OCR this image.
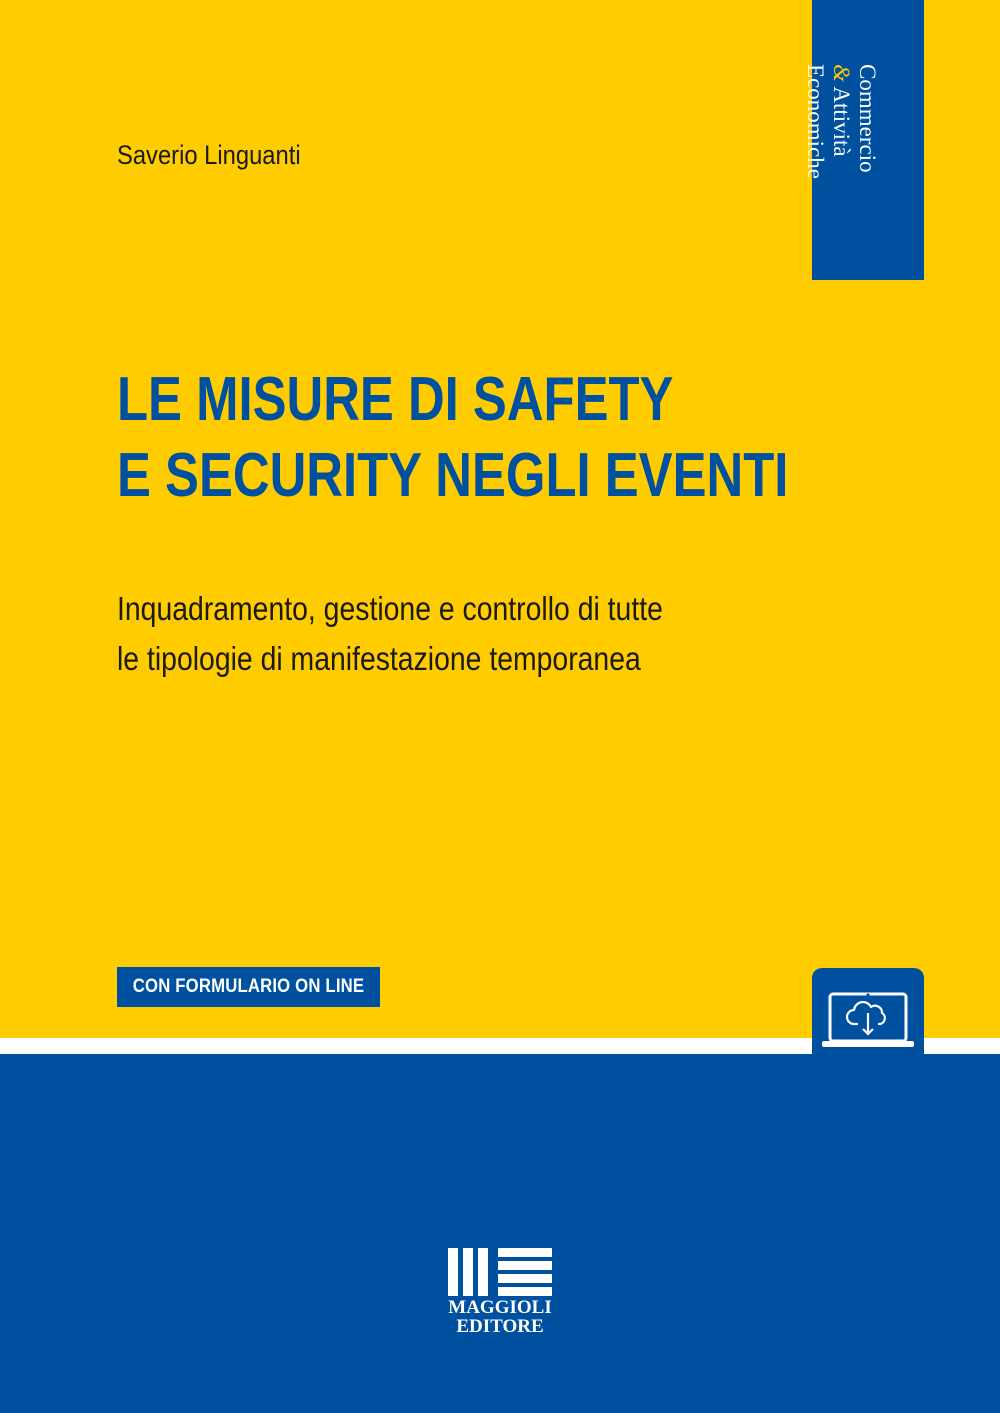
Commercio
& Attività
Economiche
Saverio Linguanti
LE MISURE DI SAFETY
E SECURITY NEGLI EVENTI
Inquadramento, gestione e controllo di tutte
le tipologie di manifestazione temporanea
CON FORMULARIO ON LINE
MAGGIOLI
EDITORE
